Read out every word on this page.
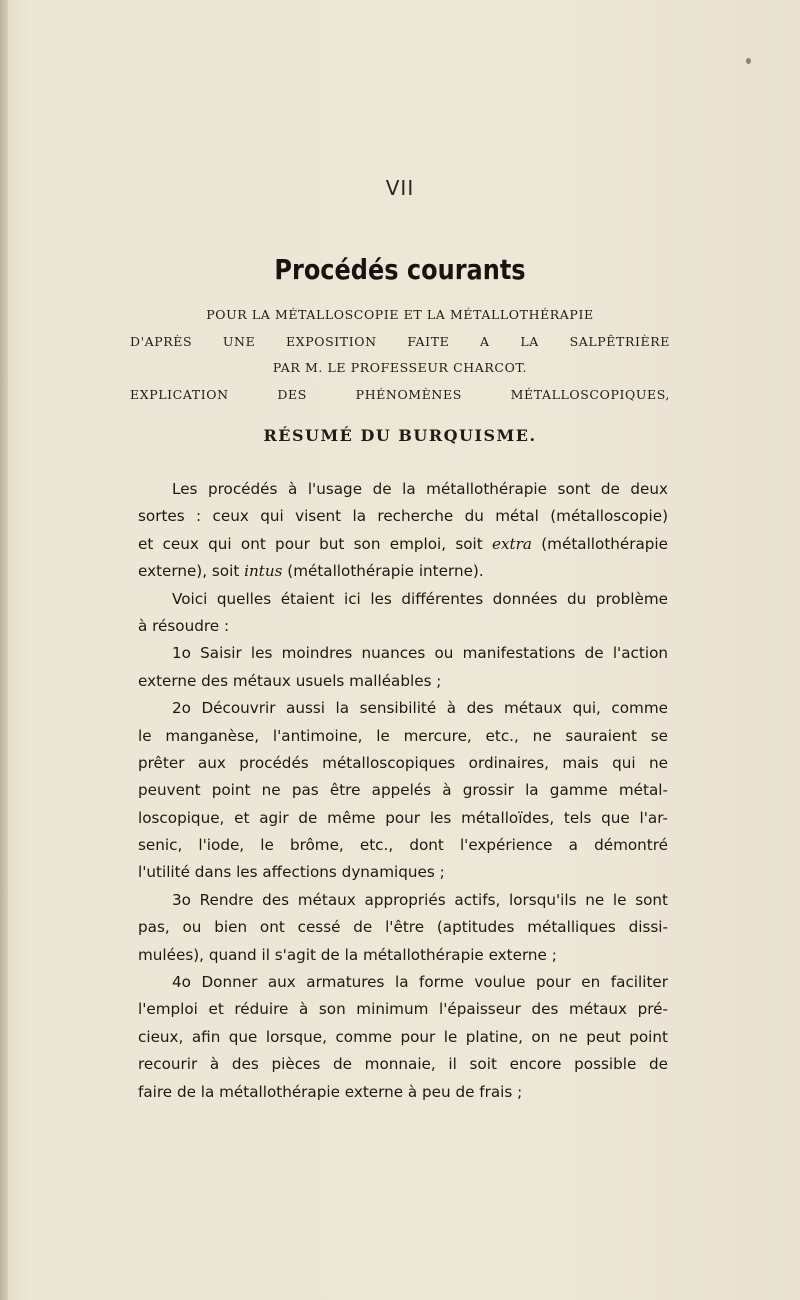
VII
Procédés courants
POUR LA MÉTALLOSCOPIE ET LA MÉTALLOTHÉRAPIE
D'APRÈS UNE EXPOSITION FAITE A LA SALPÊTRIÈRE
PAR M. LE PROFESSEUR CHARCOT.
EXPLICATION DES PHÉNOMÈNES MÉTALLOSCOPIQUES,
RÉSUMÉ DU BURQUISME.
Les procédés à l'usage de la métallothérapie sont de deux
sortes : ceux qui visent la recherche du métal (métalloscopie)
et ceux qui ont pour but son emploi, soit extra (métallothérapie
externe), soit intus (métallothérapie interne).
Voici quelles étaient ici les différentes données du problème
à résoudre :
1o Saisir les moindres nuances ou manifestations de l'action
externe des métaux usuels malléables ;
2o Découvrir aussi la sensibilité à des métaux qui, comme
le manganèse, l'antimoine, le mercure, etc., ne sauraient se
prêter aux procédés métalloscopiques ordinaires, mais qui ne
peuvent point ne pas être appelés à grossir la gamme métal-
loscopique, et agir de même pour les métalloïdes, tels que l'ar-
senic, l'iode, le brôme, etc., dont l'expérience a démontré
l'utilité dans les affections dynamiques ;
3o Rendre des métaux appropriés actifs, lorsqu'ils ne le sont
pas, ou bien ont cessé de l'être (aptitudes métalliques dissi-
mulées), quand il s'agit de la métallothérapie externe ;
4o Donner aux armatures la forme voulue pour en faciliter
l'emploi et réduire à son minimum l'épaisseur des métaux pré-
cieux, afin que lorsque, comme pour le platine, on ne peut point
recourir à des pièces de monnaie, il soit encore possible de
faire de la métallothérapie externe à peu de frais ;
